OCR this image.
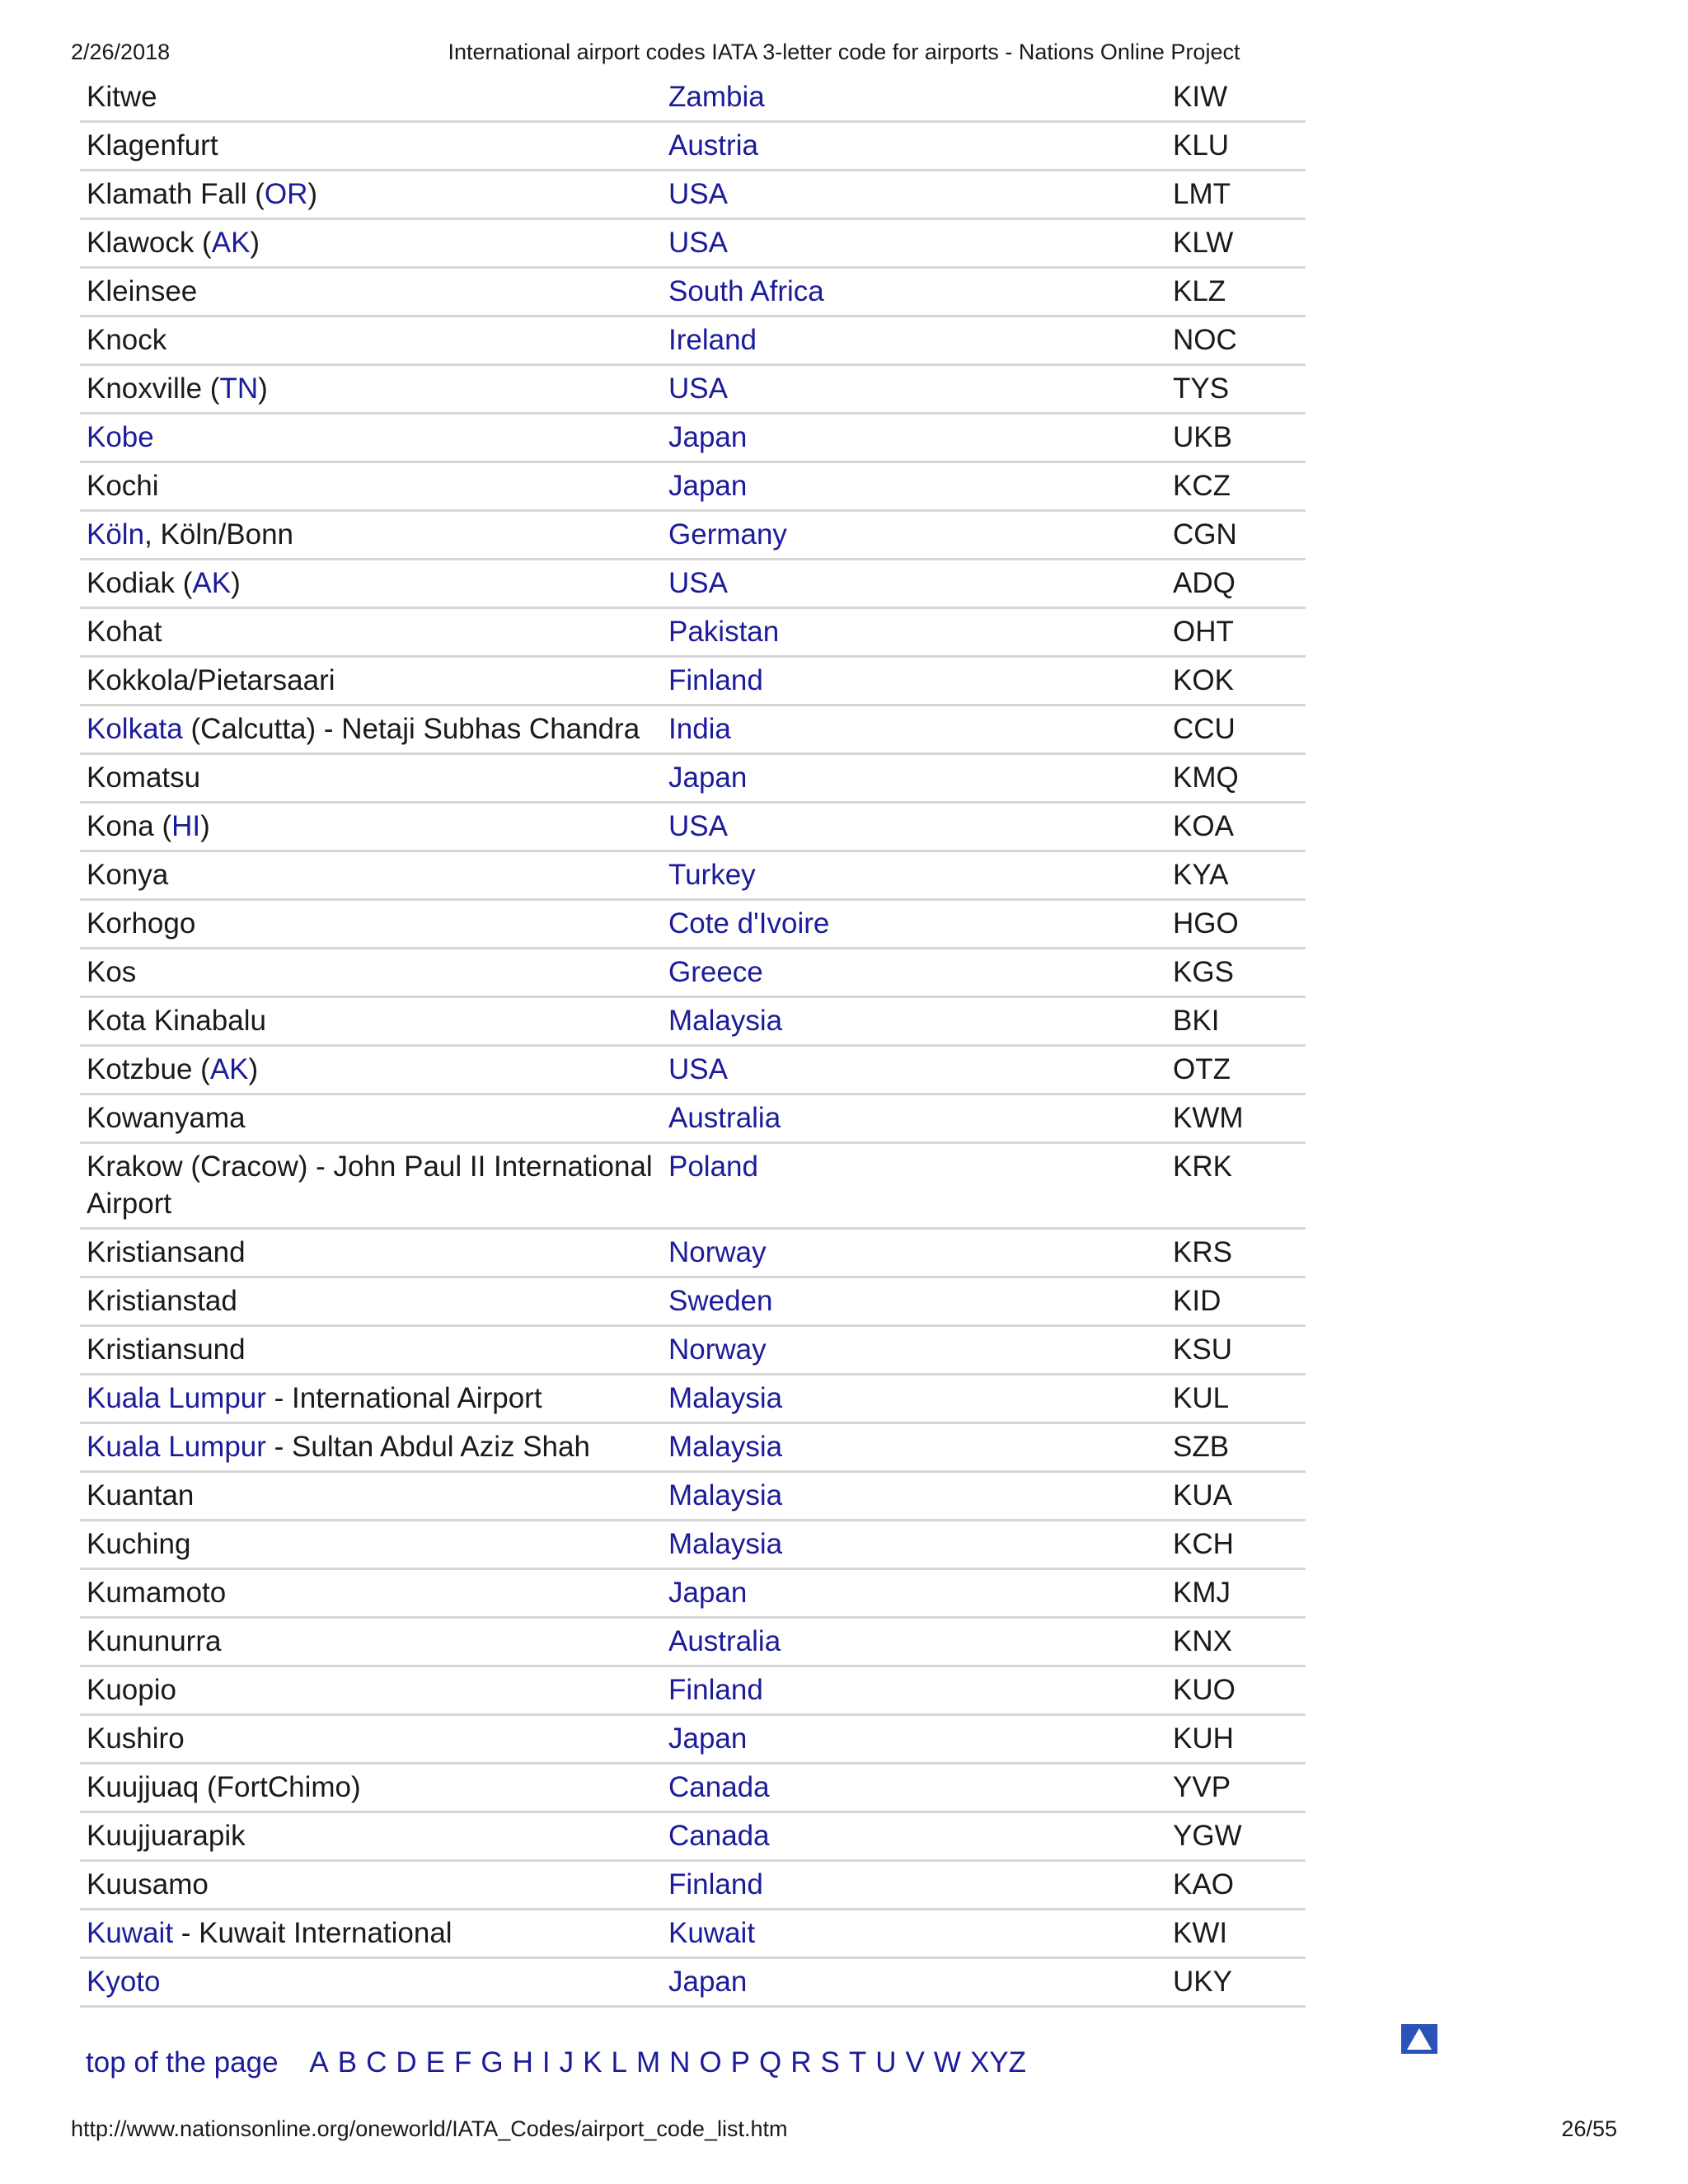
2/26/2018	International airport codes IATA 3-letter code for airports - Nations Online Project
Kitwe	Zambia	KIW
Klagenfurt	Austria	KLU
Klamath Fall (OR)	USA	LMT
Klawock (AK)	USA	KLW
Kleinsee	South Africa	KLZ
Knock	Ireland	NOC
Knoxville (TN)	USA	TYS
Kobe	Japan	UKB
Kochi	Japan	KCZ
Köln, Köln/Bonn	Germany	CGN
Kodiak (AK)	USA	ADQ
Kohat	Pakistan	OHT
Kokkola/Pietarsaari	Finland	KOK
Kolkata (Calcutta) - Netaji Subhas Chandra	India	CCU
Komatsu	Japan	KMQ
Kona (HI)	USA	KOA
Konya	Turkey	KYA
Korhogo	Cote d'Ivoire	HGO
Kos	Greece	KGS
Kota Kinabalu	Malaysia	BKI
Kotzbue (AK)	USA	OTZ
Kowanyama	Australia	KWM
Krakow (Cracow) - John Paul II International Airport	Poland	KRK
Kristiansand	Norway	KRS
Kristianstad	Sweden	KID
Kristiansund	Norway	KSU
Kuala Lumpur - International Airport	Malaysia	KUL
Kuala Lumpur - Sultan Abdul Aziz Shah	Malaysia	SZB
Kuantan	Malaysia	KUA
Kuching	Malaysia	KCH
Kumamoto	Japan	KMJ
Kununurra	Australia	KNX
Kuopio	Finland	KUO
Kushiro	Japan	KUH
Kuujjuaq (FortChimo)	Canada	YVP
Kuujjuarapik	Canada	YGW
Kuusamo	Finland	KAO
Kuwait - Kuwait International	Kuwait	KWI
Kyoto	Japan	UKY
top of the page A B C D E F G H I J K L M N O P Q R S T U V W XYZ
http://www.nationsonline.org/oneworld/IATA_Codes/airport_code_list.htm	26/55
